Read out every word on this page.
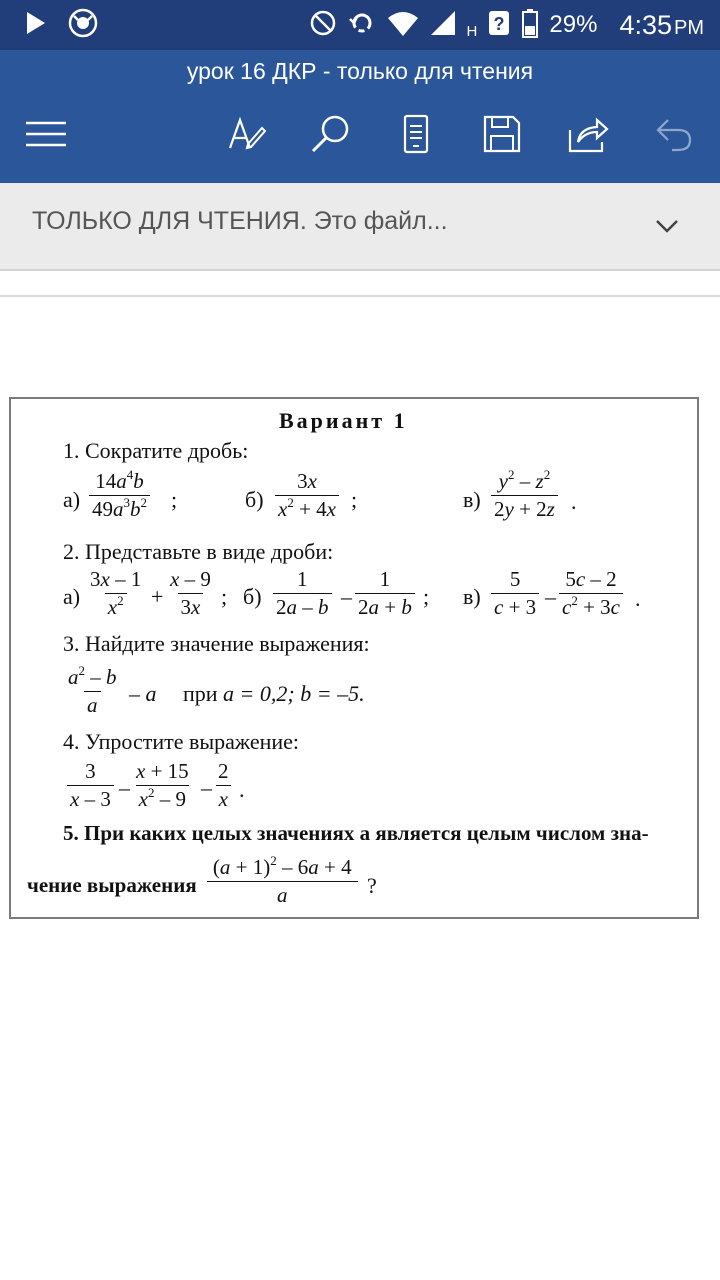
H ? 29% 4:35 PM
урок 16 ДКР - только для чтения
ТОЛЬКО ДЛЯ ЧТЕНИЯ. Это файл...
Вариант 1
1. Сократите дробь:
$а) \frac{14a^4b}{49a^3b^2}$ ;	$б) \frac{3x}{x^2 + 4x}$ ;	$в) \frac{y^2 - z^2}{2y + 2z}$ .
2. Представьте в виде дроби:
$а) \frac{3x - 1}{x^2} + \frac{x - 9}{3x}$ ; $б) \frac{1}{2a - b} - \frac{1}{2a + b}$ ; $в) \frac{5}{c + 3} - \frac{5c - 2}{c^2 + 3c}$ .
3. Найдите значение выражения:
$\frac{a^2 - b}{a}$ – a при a = 0,2; b = –5.
4. Упростите выражение:
$\frac{3}{x - 3} - \frac{x + 15}{x^2 - 9} - \frac{2}{x}$ .
5. При каких целых значениях a является целым числом зна-
чение выражения $\frac{(a + 1)^2 - 6a + 4}{a}$ ?
